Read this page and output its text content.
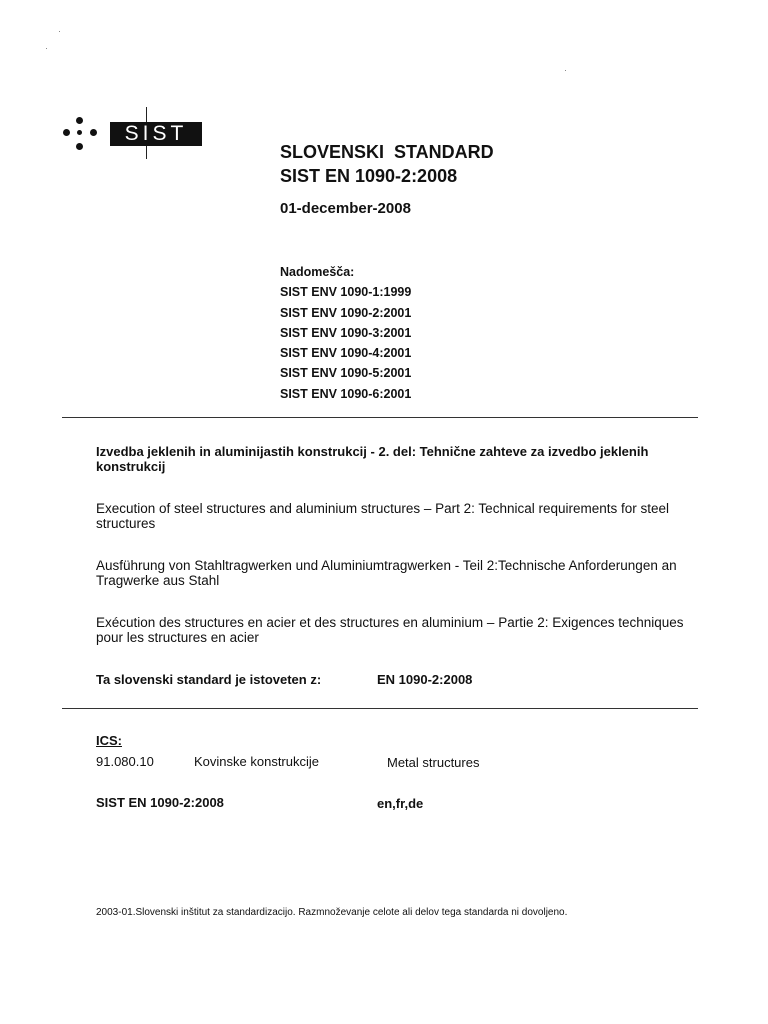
SIST
SLOVENSKI  STANDARD
SIST EN 1090-2:2008
01-december-2008
Nadomešča:
SIST ENV 1090-1:1999
SIST ENV 1090-2:2001
SIST ENV 1090-3:2001
SIST ENV 1090-4:2001
SIST ENV 1090-5:2001
SIST ENV 1090-6:2001
Izvedba jeklenih in aluminijastih konstrukcij - 2. del: Tehnične zahteve za izvedbo jeklenih konstrukcij
Execution of steel structures and aluminium structures – Part 2: Technical requirements for steel structures
Ausführung von Stahltragwerken und Aluminiumtragwerken - Teil 2:Technische Anforderungen an Tragwerke aus Stahl
Exécution des structures en acier et des structures en aluminium – Partie 2: Exigences techniques pour les structures en acier
Ta slovenski standard je istoveten z:	EN 1090-2:2008
ICS:
91.080.10	Kovinske konstrukcije	Metal structures
SIST EN 1090-2:2008	en,fr,de
2003-01.Slovenski inštitut za standardizacijo. Razmnoževanje celote ali delov tega standarda ni dovoljeno.
